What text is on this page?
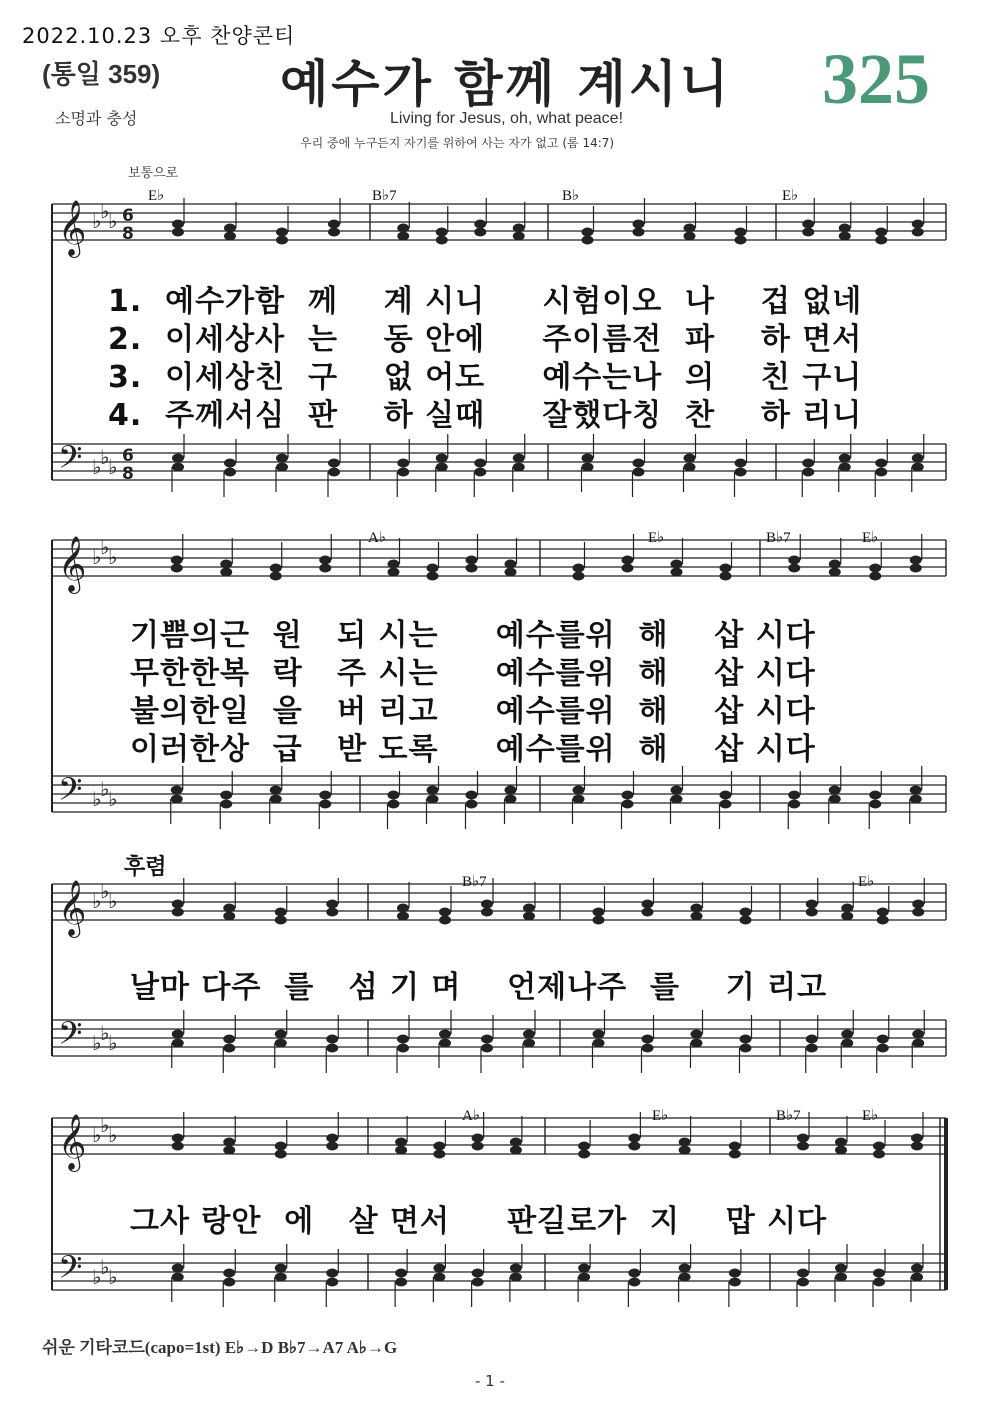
2022.10.23 오후 찬양콘티
(통일 359) 예수가 함께 계시니 325
Living for Jesus, oh, what peace!
소명과 충성
우리 중에 누구든지 자기를 위하여 사는 자가 없고 (롬 14:7)
보통으로
𝄞
𝄢
♭
♭
♭
♭
♭
♭
𝄞
𝄢
♭
♭
♭
♭
♭
♭
𝄞
𝄢
♭
♭
♭
♭
♭
♭
𝄞
𝄢
♭
♭
♭
♭
♭
♭
6
8
6
8
E♭	B♭7	B♭	E♭
1.  예수가함  께    계 시니     시험이오  나    겁 없네
2.  이세상사  는    동 안에     주이름전  파    하 면서
3.  이세상친  구    없 어도     예수는나  의    친 구니
4.  주께서심  판    하 실때     잘했다칭  찬    하 리니
A♭	E♭	B♭7	E♭
기쁨의근  원   되 시는     예수를위  해    삽 시다
무한한복  락   주 시는     예수를위  해    삽 시다
불의한일  을   버 리고     예수를위  해    삽 시다
이러한상  급   받 도록     예수를위  해    삽 시다
후렴
B♭7	E♭
날마 다주  를   섬 기 며    언제나주  를    기 리고
A♭	E♭	B♭7	E♭
그사 랑안  에   살 면서     판길로가  지    맙 시다
쉬운 기타코드(capo=1st) E♭→D B♭7→A7 A♭→G
- 1 -
